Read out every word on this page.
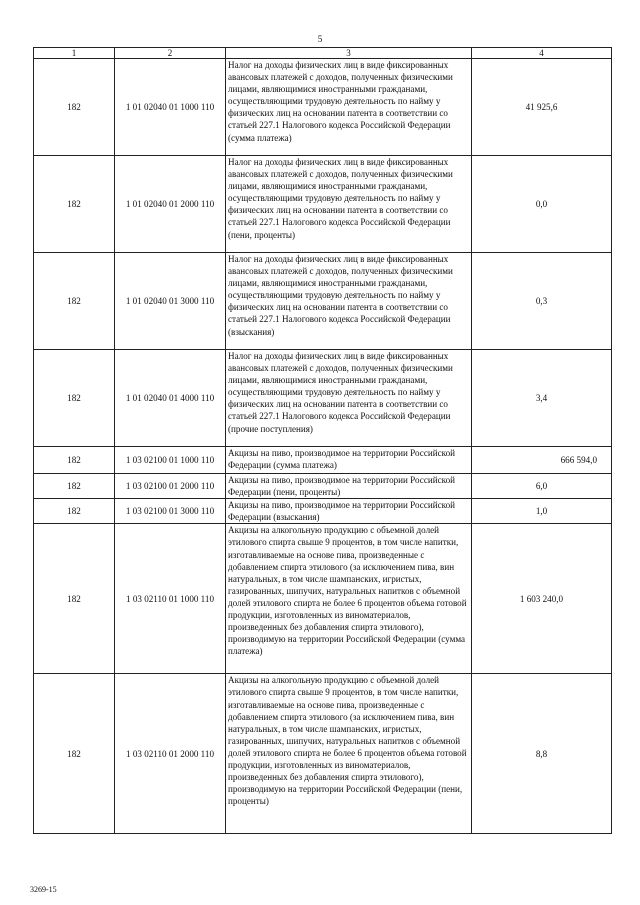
5
1	2	3	4
182	1 01 02040 01 1000 110	Налог на доходы физических лиц в виде фиксированных авансовых платежей с доходов, полученных физическими лицами, являющимися иностранными гражданами, осуществляющими трудовую деятельность по найму у физических лиц на основании патента в соответствии со статьей 227.1 Налогового кодекса Российской Федерации (сумма платежа)	41 925,6
182	1 01 02040 01 2000 110	Налог на доходы физических лиц в виде фиксированных авансовых платежей с доходов, полученных физическими лицами, являющимися иностранными гражданами, осуществляющими трудовую деятельность по найму у физических лиц на основании патента в соответствии со статьей 227.1 Налогового кодекса Российской Федерации (пени, проценты)	0,0
182	1 01 02040 01 3000 110	Налог на доходы физических лиц в виде фиксированных авансовых платежей с доходов, полученных физическими лицами, являющимися иностранными гражданами, осуществляющими трудовую деятельность по найму у физических лиц на основании патента в соответствии со статьей 227.1 Налогового кодекса Российской Федерации (взыскания)	0,3
182	1 01 02040 01 4000 110	Налог на доходы физических лиц в виде фиксированных авансовых платежей с доходов, полученных физическими лицами, являющимися иностранными гражданами, осуществляющими трудовую деятельность по найму у физических лиц на основании патента в соответствии со статьей 227.1 Налогового кодекса Российской Федерации (прочие поступления)	3,4
182	1 03 02100 01 1000 110	Акцизы на пиво, производимое на территории Российской Федерации (сумма платежа)	666 594,0
182	1 03 02100 01 2000 110	Акцизы на пиво, производимое на территории Российской Федерации (пени, проценты)	6,0
182	1 03 02100 01 3000 110	Акцизы на пиво, производимое на территории Российской Федерации (взыскания)	1,0
182	1 03 02110 01 1000 110	Акцизы на алкогольную продукцию с объемной долей этилового спирта свыше 9 процентов, в том числе напитки, изготавливаемые на основе пива, произведенные с добавлением спирта этилового (за исключением пива, вин натуральных, в том числе шампанских, игристых, газированных, шипучих, натуральных напитков с объемной долей этилового спирта не более 6 процентов объема готовой продукции, изготовленных из виноматериалов, произведенных без добавления спирта этилового), производимую на территории Российской Федерации (сумма платежа)	1 603 240,0
182	1 03 02110 01 2000 110	Акцизы на алкогольную продукцию с объемной долей этилового спирта свыше 9 процентов, в том числе напитки, изготавливаемые на основе пива, произведенные с добавлением спирта этилового (за исключением пива, вин натуральных, в том числе шампанских, игристых, газированных, шипучих, натуральных напитков с объемной долей этилового спирта не более 6 процентов объема готовой продукции, изготовленных из виноматериалов, произведенных без добавления спирта этилового), производимую на территории Российской Федерации (пени, проценты)	8,8
3269-15
